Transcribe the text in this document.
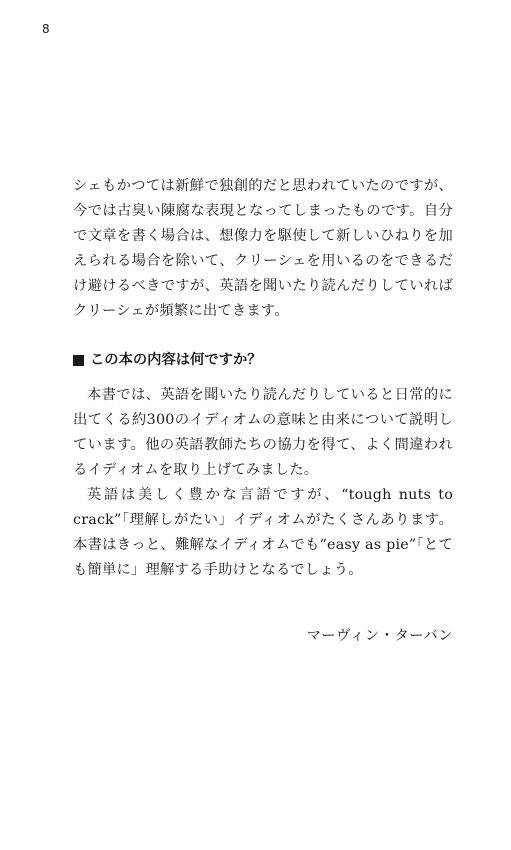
8

シェもかつては新鮮で独創的だと思われていたのですが、今では古臭い陳腐な表現となってしまったものです。自分で文章を書く場合は、想像力を駆使して新しいひねりを加えられる場合を除いて、クリーシェを用いるのをできるだけ避けるべきですが、英語を聞いたり読んだりしていればクリーシェが頻繁に出てきます。

この本の内容は何ですか？

本書では、英語を聞いたり読んだりしていると日常的に出てくる約300のイディオムの意味と由来について説明しています。他の英語教師たちの協力を得て、よく間違われるイディオムを取り上げてみました。

英語は美しく豊かな言語ですが、“tough nuts to crack”「理解しがたい」イディオムがたくさんあります。本書はきっと、難解なイディオムでも“easy as pie”「とても簡単に」理解する手助けとなるでしょう。

マーヴィン・ターバン
